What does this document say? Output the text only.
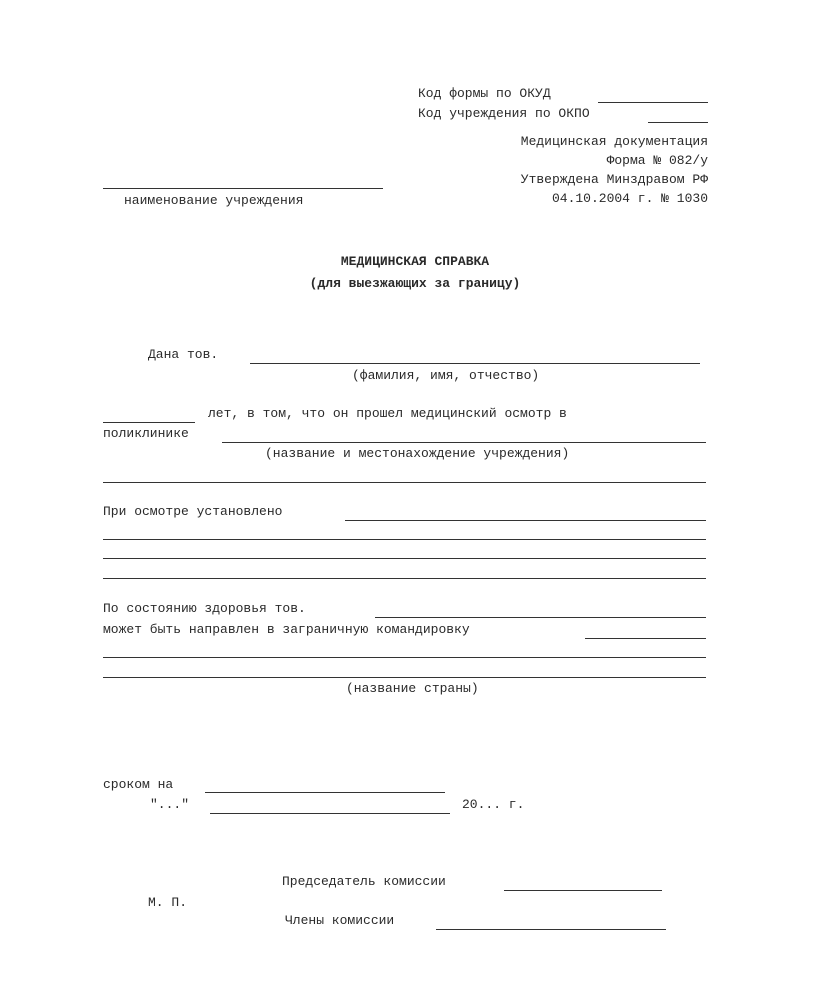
Код формы по ОКУД
Код учреждения по ОКПО
Медицинская документация
Форма № 082/у
Утверждена Минздравом РФ
04.10.2004 г. № 1030
наименование учреждения
МЕДИЦИНСКАЯ СПРАВКА
(для выезжающих за границу)
Дана тов.
(фамилия, имя, отчество)
лет, в том, что он прошел медицинский осмотр в
поликлинике
(название и местонахождение учреждения)
При осмотре установлено
По состоянию здоровья тов.
может быть направлен в заграничную командировку
(название страны)
сроком на
"..."	20... г.
Председатель комиссии
М. П.
Члены комиссии
